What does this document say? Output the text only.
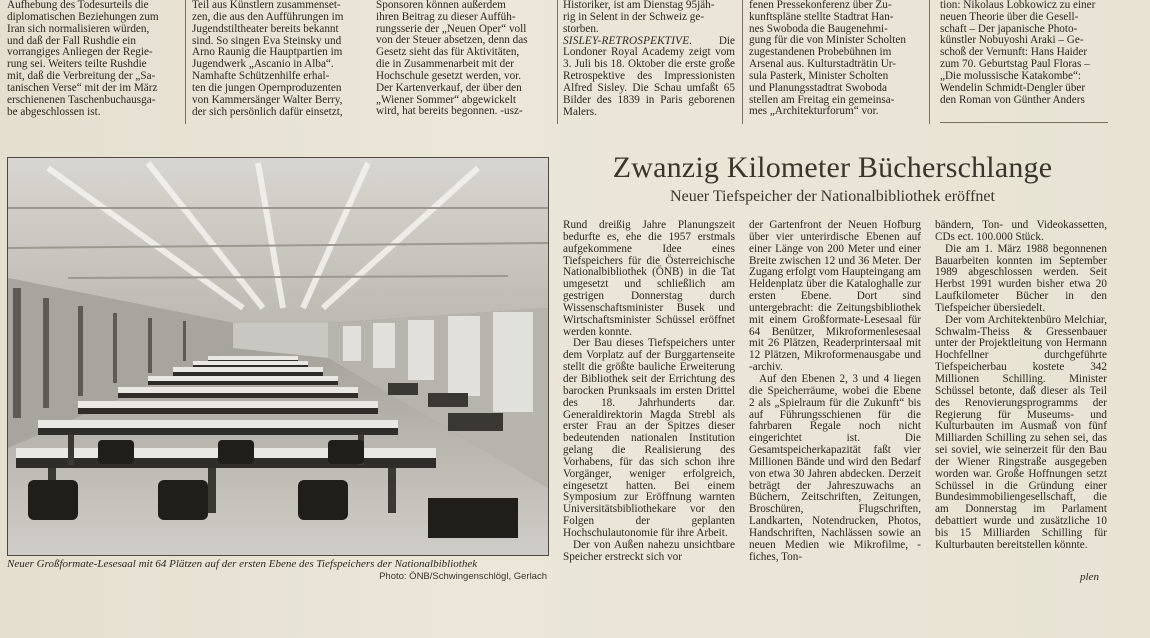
Aufhebung des Todesurteils die
diplomatischen Beziehungen zum
Iran sich normalisieren würden,
und daß der Fall Rushdie ein
vorrangiges Anliegen der Regie-
rung sei. Weiters teilte Rushdie
mit, daß die Verbreitung der „Sa-
tanischen Verse“ mit der im März
erschienenen Taschenbuchausga-
be abgeschlossen ist.
Teil aus Künstlern zusammenset-
zen, die aus den Aufführungen im
Jugendstiltheater bereits bekannt
sind. So singen Eva Steinsky und
Arno Raunig die Hauptpartien im
Jugendwerk „Ascanio in Alba“.
Namhafte Schützenhilfe erhal-
ten die jungen Opernproduzenten
von Kammersänger Walter Berry,
der sich persönlich dafür einsetzt,
Sponsoren können außerdem
ihren Beitrag zu dieser Auffüh-
rungsserie der „Neuen Oper“ voll
von der Steuer absetzen, denn das
Gesetz sieht das für Aktivitäten,
die in Zusammenarbeit mit der
Hochschule gesetzt werden, vor.
Der Kartenverkauf, der über den
„Wiener Sommer“ abgewickelt
wird, hat bereits begonnen. -usz-
Historiker, ist am Dienstag 95jäh-
rig in Selent in der Schweiz ge-
storben.
SISLEY-RETROSPEKTIVE. Die Londoner Royal Academy zeigt vom 3. Juli bis 18. Oktober die erste große Retrospektive des Impressionisten Alfred Sisley. Die Schau umfaßt 65 Bilder des 1839 in Paris geborenen Malers.
fenen Pressekonferenz über Zu-
kunftspläne stellte Stadtrat Han-
nes Swoboda die Baugenehmi-
gung für die von Minister Scholten
zugestandenen Probebühnen im
Arsenal aus. Kulturstadträtin Ur-
sula Pasterk, Minister Scholten
und Planungsstadtrat Swoboda
stellen am Freitag ein gemeinsa-
mes „Architekturforum“ vor.
tion: Nikolaus Lobkowicz zu einer
neuen Theorie über die Gesell-
schaft – Der japanische Photo-
künstler Nobuyoshi Araki – Ge-
schoß der Vernunft: Hans Haider
zum 70. Geburtstag Paul Floras –
„Die molussische Katakombe“:
Wendelin Schmidt-Dengler über
den Roman von Günther Anders
Neuer Großformate-Lesesaal mit 64 Plätzen auf der ersten Ebene des Tiefspeichers der Nationalbibliothek
Photo: ÖNB/Schwingenschlögl, Gerlach
Zwanzig Kilometer Bücherschlange
Neuer Tiefspeicher der Nationalbibliothek eröffnet

Rund dreißig Jahre Planungszeit bedurfte es, ehe die 1957 erstmals aufgekommene Idee eines Tiefspeichers für die Österreichische Nationalbibliothek (ÖNB) in die Tat umgesetzt und schließlich am gestrigen Donnerstag durch Wissenschaftsminister Busek und Wirtschaftsminister Schüssel eröffnet werden konnte.

Der Bau dieses Tiefspeichers unter dem Vorplatz auf der Burggartenseite stellt die größte bauliche Erweiterung der Bibliothek seit der Errichtung des barocken Prunksaals im ersten Drittel des 18. Jahrhunderts dar. Generaldirektorin Magda Strebl als erster Frau an der Spitzes dieser bedeutenden nationalen Institution gelang die Realisierung des Vorhabens, für das sich schon ihre Vorgänger, weniger erfolgreich, eingesetzt hatten. Bei einem Symposium zur Eröffnung warnten Universitätsbibliothekare vor den Folgen der geplanten Hochschulautonomie für ihre Arbeit.

Der von Außen nahezu unsichtbare Speicher erstreckt sich vor

der Gartenfront der Neuen Hofburg über vier unterirdische Ebenen auf einer Länge von 200 Meter und einer Breite zwischen 12 und 36 Meter. Der Zugang erfolgt vom Haupteingang am Heldenplatz über die Kataloghalle zur ersten Ebene. Dort sind untergebracht: die Zeitungsbibliothek mit einem Großformate-Lesesaal für 64 Benützer, Mikroformenlesesaal mit 26 Plätzen, Readerprintersaal mit 12 Plätzen, Mikroformenausgabe und -archiv.

Auf den Ebenen 2, 3 und 4 liegen die Speicherräume, wobei die Ebene 2 als „Spielraum für die Zukunft“ bis auf Führungsschienen für die fahrbaren Regale noch nicht eingerichtet ist. Die Gesamtspeicherkapazität faßt vier Millionen Bände und wird den Bedarf von etwa 30 Jahren abdecken. Derzeit beträgt der Jahreszuwachs an Büchern, Zeitschriften, Zeitungen, Broschüren, Flugschriften, Landkarten, Notendrucken, Photos, Handschriften, Nachlässen sowie an neuen Medien wie Mikrofilme, -fiches, Ton-

bändern, Ton- und Videokassetten, CDs ect. 100.000 Stück.

Die am 1. März 1988 begonnenen Bauarbeiten konnten im September 1989 abgeschlossen werden. Seit Herbst 1991 wurden bisher etwa 20 Laufkilometer Bücher in den Tiefspeicher übersiedelt.

Der vom Architektenbüro Melchiar, Schwalm-Theiss & Gressenbauer unter der Projektleitung von Hermann Hochfellner durchgeführte Tiefspeicherbau kostete 342 Millionen Schilling. Minister Schüssel betonte, daß dieser als Teil des Renovierungsprogramms der Regierung für Museums- und Kulturbauten im Ausmaß von fünf Milliarden Schilling zu sehen sei, das sei soviel, wie seinerzeit für den Bau der Wiener Ringstraße ausgegeben worden war. Große Hoffnungen setzt Schüssel in die Gründung einer Bundesimmobiliengesellschaft, die am Donnerstag im Parlament debattiert wurde und zusätzliche 10 bis 15 Milliarden Schilling für Kulturbauten bereitstellen könnte.

plen
